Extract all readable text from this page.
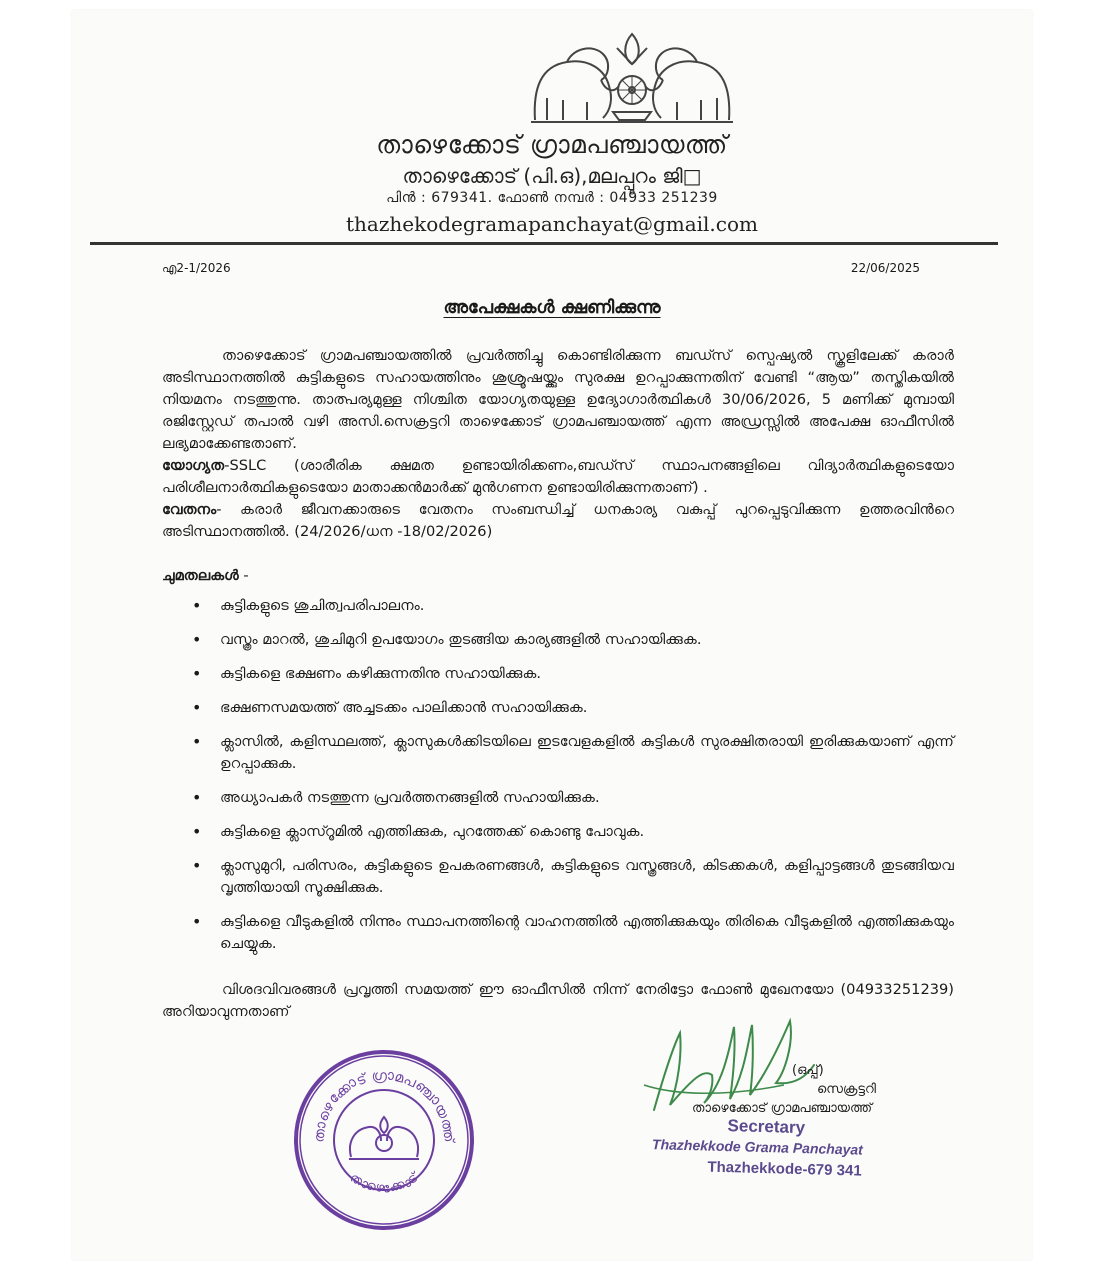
താഴെക്കോട് ഗ്രാമപഞ്ചായത്ത്
താഴെക്കോട് (പി.ഒ),മലപ്പുറം ജി□
പിൻ : 679341. ഫോൺ നമ്പർ : 04933 251239
thazhekodegramapanchayat@gmail.com
എ2-1/2026	22/06/2025
അപേക്ഷകൾ ക്ഷണിക്കുന്നു

താഴെക്കോട് ഗ്രാമപഞ്ചായത്തിൽ പ്രവർത്തിച്ചു കൊണ്ടിരിക്കുന്ന ബഡ്സ് സ്പെഷ്യൽ സ്കൂളിലേക്ക് കരാർ അടിസ്ഥാനത്തിൽ കുട്ടികളുടെ സഹായത്തിനും ശുശ്രൂഷയ്ക്കും സുരക്ഷ ഉറപ്പാക്കുന്നതിന് വേണ്ടി “ആയ” തസ്തികയിൽ നിയമനം നടത്തുന്നു. താത്പര്യമുള്ള നിശ്ചിത യോഗ്യതയുള്ള ഉദ്യോഗാർത്ഥികൾ 30/06/2026, 5 മണിക്ക് മുമ്പായി രജിസ്റ്റേഡ് തപാൽ വഴി അസി.സെക്രട്ടറി താഴെക്കോട് ഗ്രാമപഞ്ചായത്ത് എന്ന അഡ്രസ്സിൽ അപേക്ഷ ഓഫീസിൽ ലഭ്യമാക്കേണ്ടതാണ്.

യോഗ്യത-SSLC (ശാരീരിക ക്ഷമത ഉണ്ടായിരിക്കണം,ബഡ്സ് സ്ഥാപനങ്ങളിലെ വിദ്യാർത്ഥികളുടെയോ പരിശീലനാർത്ഥികളുടെയോ മാതാക്കൻമാർക്ക് മുൻഗണന ഉണ്ടായിരിക്കുന്നതാണ്) .

വേതനം- കരാർ ജീവനക്കാരുടെ വേതനം സംബന്ധിച്ച് ധനകാര്യ വകുപ്പ് പുറപ്പെടുവിക്കുന്ന ഉത്തരവിൻറെ അടിസ്ഥാനത്തിൽ. (24/2026/ധന -18/02/2026)

ചുമതലകൾ -

• കുട്ടികളുടെ ശുചിത്വപരിപാലനം.
• വസ്ത്രം മാറൽ, ശുചിമുറി ഉപയോഗം തുടങ്ങിയ കാര്യങ്ങളിൽ സഹായിക്കുക.
• കുട്ടികളെ ഭക്ഷണം കഴിക്കുന്നതിനു സഹായിക്കുക.
• ഭക്ഷണസമയത്ത് അച്ചടക്കം പാലിക്കാൻ സഹായിക്കുക.
• ക്ലാസിൽ, കളിസ്ഥലത്ത്, ക്ലാസുകൾക്കിടയിലെ ഇടവേളകളിൽ കുട്ടികൾ സുരക്ഷിതരായി ഇരിക്കുകയാണ് എന്ന് ഉറപ്പാക്കുക.
• അധ്യാപകർ നടത്തുന്ന പ്രവർത്തനങ്ങളിൽ സഹായിക്കുക.
• കുട്ടികളെ ക്ലാസ്റൂമിൽ എത്തിക്കുക, പുറത്തേക്ക് കൊണ്ടു പോവുക.
• ക്ലാസുമുറി, പരിസരം, കുട്ടികളുടെ ഉപകരണങ്ങൾ, കുട്ടികളുടെ വസ്ത്രങ്ങൾ, കിടക്കകൾ, കളിപ്പാട്ടങ്ങൾ തുടങ്ങിയവ വൃത്തിയായി സൂക്ഷിക്കുക.
• കുട്ടികളെ വീടുകളിൽ നിന്നും സ്ഥാപനത്തിന്റെ വാഹനത്തിൽ എത്തിക്കുകയും തിരികെ വീടുകളിൽ എത്തിക്കുകയും ചെയ്യുക.

വിശദവിവരങ്ങൾ പ്രവൃത്തി സമയത്ത് ഈ ഓഫീസിൽ നിന്ന് നേരിട്ടോ ഫോൺ മുഖേനയോ (04933251239) അറിയാവുന്നതാണ്

താഴെക്കോട് ഗ്രാമപഞ്ചായത്ത്
താഴെക്കോട്
(ഒപ്പ്)
സെക്രട്ടറി
താഴെക്കോട് ഗ്രാമപഞ്ചായത്ത്
Secretary
Thazhekkode Grama Panchayat
Thazhekkode-679 341
